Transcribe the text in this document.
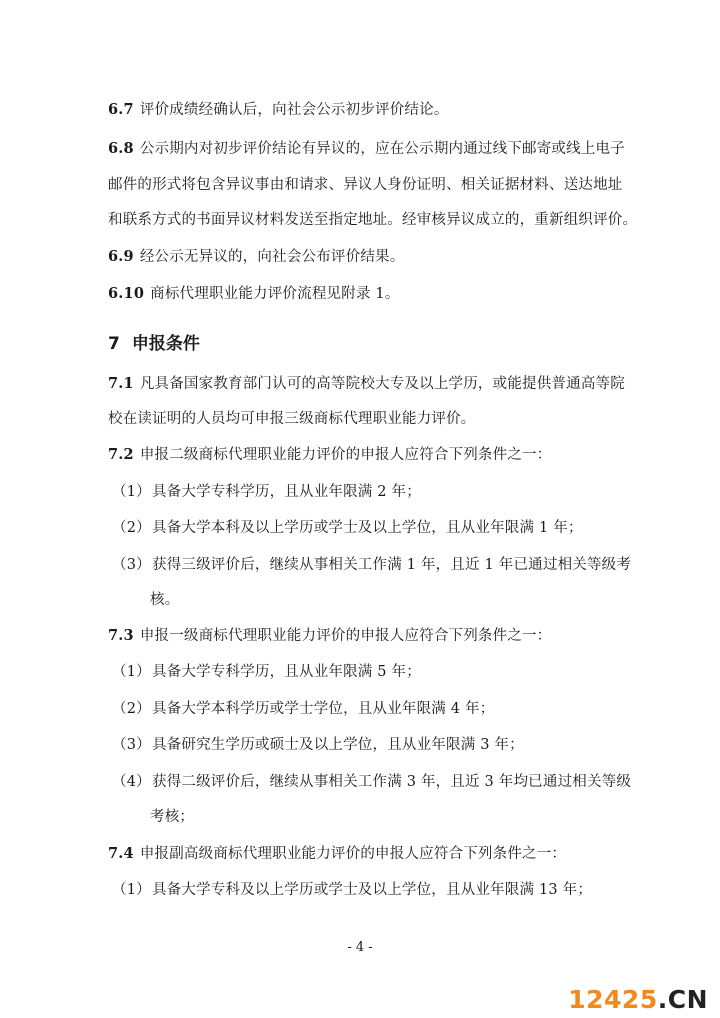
6.7 评价成绩经确认后，向社会公示初步评价结论。
6.8 公示期内对初步评价结论有异议的，应在公示期内通过线下邮寄或线上电子
邮件的形式将包含异议事由和请求、异议人身份证明、相关证据材料、送达地址
和联系方式的书面异议材料发送至指定地址。经审核异议成立的，重新组织评价。
6.9 经公示无异议的，向社会公布评价结果。
6.10 商标代理职业能力评价流程见附录 1。
7 申报条件
7.1 凡具备国家教育部门认可的高等院校大专及以上学历，或能提供普通高等院
校在读证明的人员均可申报三级商标代理职业能力评价。
7.2 申报二级商标代理职业能力评价的申报人应符合下列条件之一：
（1）具备大学专科学历，且从业年限满 2 年；
（2）具备大学本科及以上学历或学士及以上学位，且从业年限满 1 年；
（3）获得三级评价后，继续从事相关工作满 1 年，且近 1 年已通过相关等级考
核。
7.3 申报一级商标代理职业能力评价的申报人应符合下列条件之一：
（1）具备大学专科学历，且从业年限满 5 年；
（2）具备大学本科学历或学士学位，且从业年限满 4 年；
（3）具备研究生学历或硕士及以上学位，且从业年限满 3 年；
（4）获得二级评价后，继续从事相关工作满 3 年，且近 3 年均已通过相关等级
考核；
7.4 申报副高级商标代理职业能力评价的申报人应符合下列条件之一：
（1）具备大学专科及以上学历或学士及以上学位，且从业年限满 13 年；
- 4 -
12425.CN
